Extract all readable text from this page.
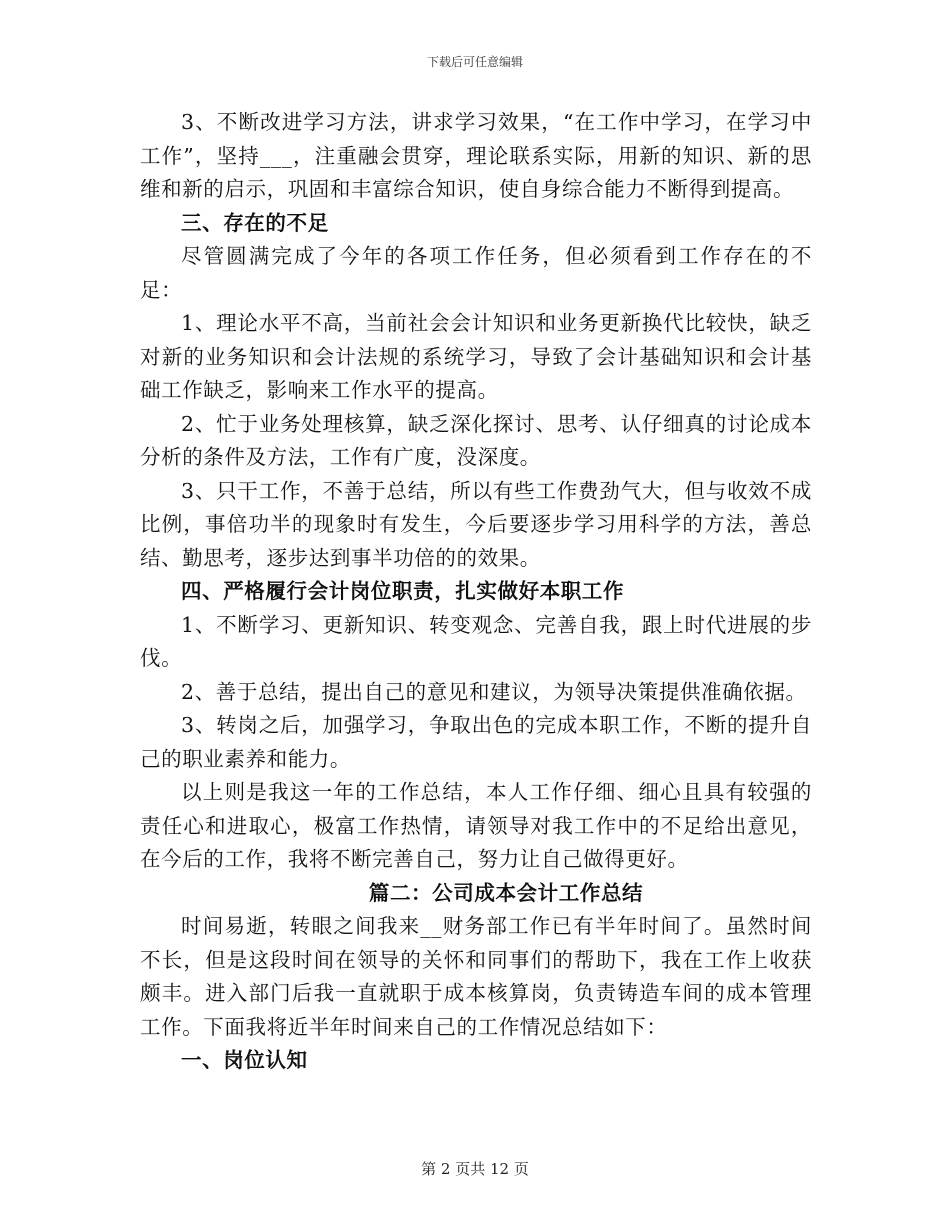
下载后可任意编辑

3、不断改进学习方法，讲求学习效果，“在工作中学习，在学习中工作”，坚持___，注重融会贯穿，理论联系实际，用新的知识、新的思维和新的启示，巩固和丰富综合知识，使自身综合能力不断得到提高。

三、存在的不足

尽管圆满完成了今年的各项工作任务，但必须看到工作存在的不足：

1、理论水平不高，当前社会会计知识和业务更新换代比较快，缺乏对新的业务知识和会计法规的系统学习，导致了会计基础知识和会计基础工作缺乏，影响来工作水平的提高。

2、忙于业务处理核算，缺乏深化探讨、思考、认仔细真的讨论成本分析的条件及方法，工作有广度，没深度。

3、只干工作，不善于总结，所以有些工作费劲气大，但与收效不成比例，事倍功半的现象时有发生，今后要逐步学习用科学的方法，善总结、勤思考，逐步达到事半功倍的的效果。

四、严格履行会计岗位职责，扎实做好本职工作

1、不断学习、更新知识、转变观念、完善自我，跟上时代进展的步伐。

2、善于总结，提出自己的意见和建议，为领导决策提供准确依据。

3、转岗之后，加强学习，争取出色的完成本职工作，不断的提升自己的职业素养和能力。

以上则是我这一年的工作总结，本人工作仔细、细心且具有较强的责任心和进取心，极富工作热情，请领导对我工作中的不足给出意见，在今后的工作，我将不断完善自己，努力让自己做得更好。

篇二：公司成本会计工作总结

时间易逝，转眼之间我来__财务部工作已有半年时间了。虽然时间不长，但是这段时间在领导的关怀和同事们的帮助下，我在工作上收获颇丰。进入部门后我一直就职于成本核算岗，负责铸造车间的成本管理工作。下面我将近半年时间来自己的工作情况总结如下：

一、岗位认知

第 2 页共 12 页
